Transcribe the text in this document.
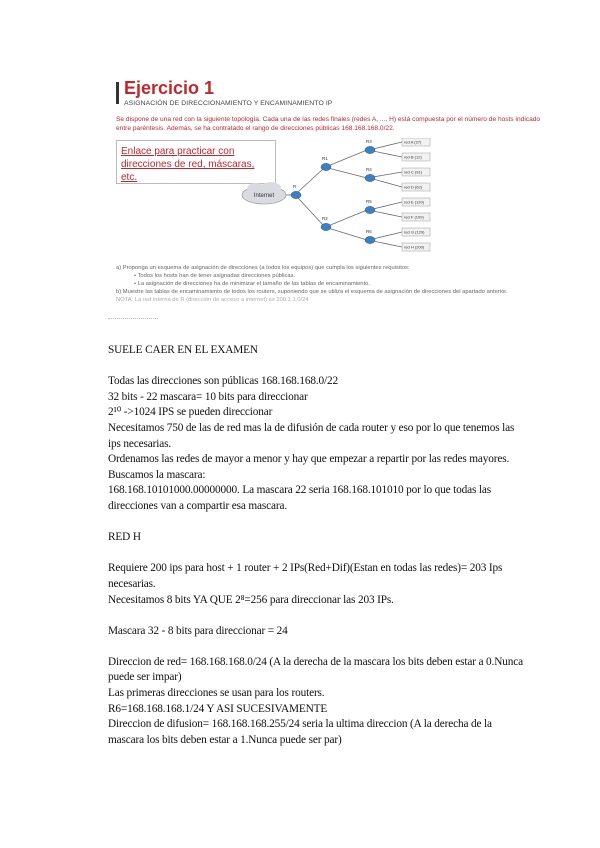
Ejercicio 1
ASIGNACIÓN DE DIRECCIONAMIENTO Y ENCAMINAMIENTO IP
Se dispone de una red con la siguiente topología. Cada una de las redes finales (redes A, ..., H) está compuesta por el número de hosts indicado entre paréntesis. Además, se ha contratado el rango de direcciones públicas 168.168.168.0/22.
Enlace para practicar con direcciones de red, máscaras, etc.
Internet
R
R1
R2
R3
R4
R5
R6
red A (27)
red B (12)
red C (91)
red D (62)
red E (120)
red F (109)
red G (129)
red H (200)
a) Proponga un esquema de asignación de direcciones (a todos los equipos) que cumpla los siguientes requisitos:
• Todos los hosts han de tener asignadas direcciones públicas.
• La asignación de direcciones ha de minimizar el tamaño de las tablas de encaminamiento.
b) Muestre las tablas de encaminamiento de todos los routers, suponiendo que se utiliza el esquema de asignación de direcciones del apartado anterior.
NOTA: La red interna de R (dirección de acceso a internet) es 200.1.1.0/24

SUELE CAER EN EL EXAMEN

Todas las direcciones son públicas 168.168.168.0/22

32 bits - 22 mascara= 10 bits para direccionar

2¹⁰ ->1024 IPS se pueden direccionar

Necesitamos 750 de las de red mas la de difusión de cada router y eso por lo que tenemos las ips necesarias.

Ordenamos las redes de mayor a menor y hay que empezar a repartir por las redes mayores.

Buscamos la mascara:

168.168.10101000.00000000. La mascara 22 seria 168.168.101010 por lo que todas las direcciones van a compartir esa mascara.

RED H

Requiere 200 ips para host + 1 router + 2 IPs(Red+Dif)(Estan en todas las redes)= 203 Ips necesarias.

Necesitamos 8 bits YA QUE 2⁸=256 para direccionar las 203 IPs.

Mascara 32 - 8 bits para direccionar = 24

Direccion de red= 168.168.168.0/24 (A la derecha de la mascara los bits deben estar a 0.Nunca puede ser impar)

Las primeras direcciones se usan para los routers.

R6=168.168.168.1/24 Y ASI SUCESIVAMENTE

Direccion de difusion= 168.168.168.255/24 seria la ultima direccion (A la derecha de la mascara los bits deben estar a 1.Nunca puede ser par)
